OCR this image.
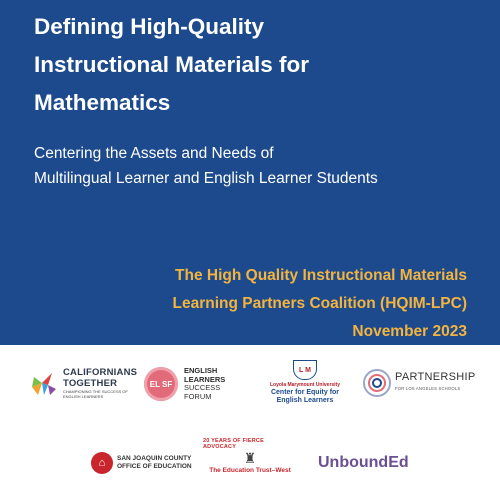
Defining High-Quality
Instructional Materials for
Mathematics
Centering the Assets and Needs of
Multilingual Learner and English Learner Students
The High Quality Instructional Materials
Learning Partners Coalition (HQIM-LPC)
November 2023
CALIFORNIANS
TOGETHER
CHAMPIONING THE SUCCESS OF ENGLISH LEARNERS
EL SF
ENGLISH
LEARNERS
SUCCESS
FORUM
L M
Loyola Marymount University
Center for Equity for
English Learners
PARTNERSHIP
FOR LOS ANGELES SCHOOLS
⌂	SAN JOAQUIN COUNTY
OFFICE OF EDUCATION
20 YEARS OF FIERCE ADVOCACY
♜
The Education Trust–West UnboundEd
